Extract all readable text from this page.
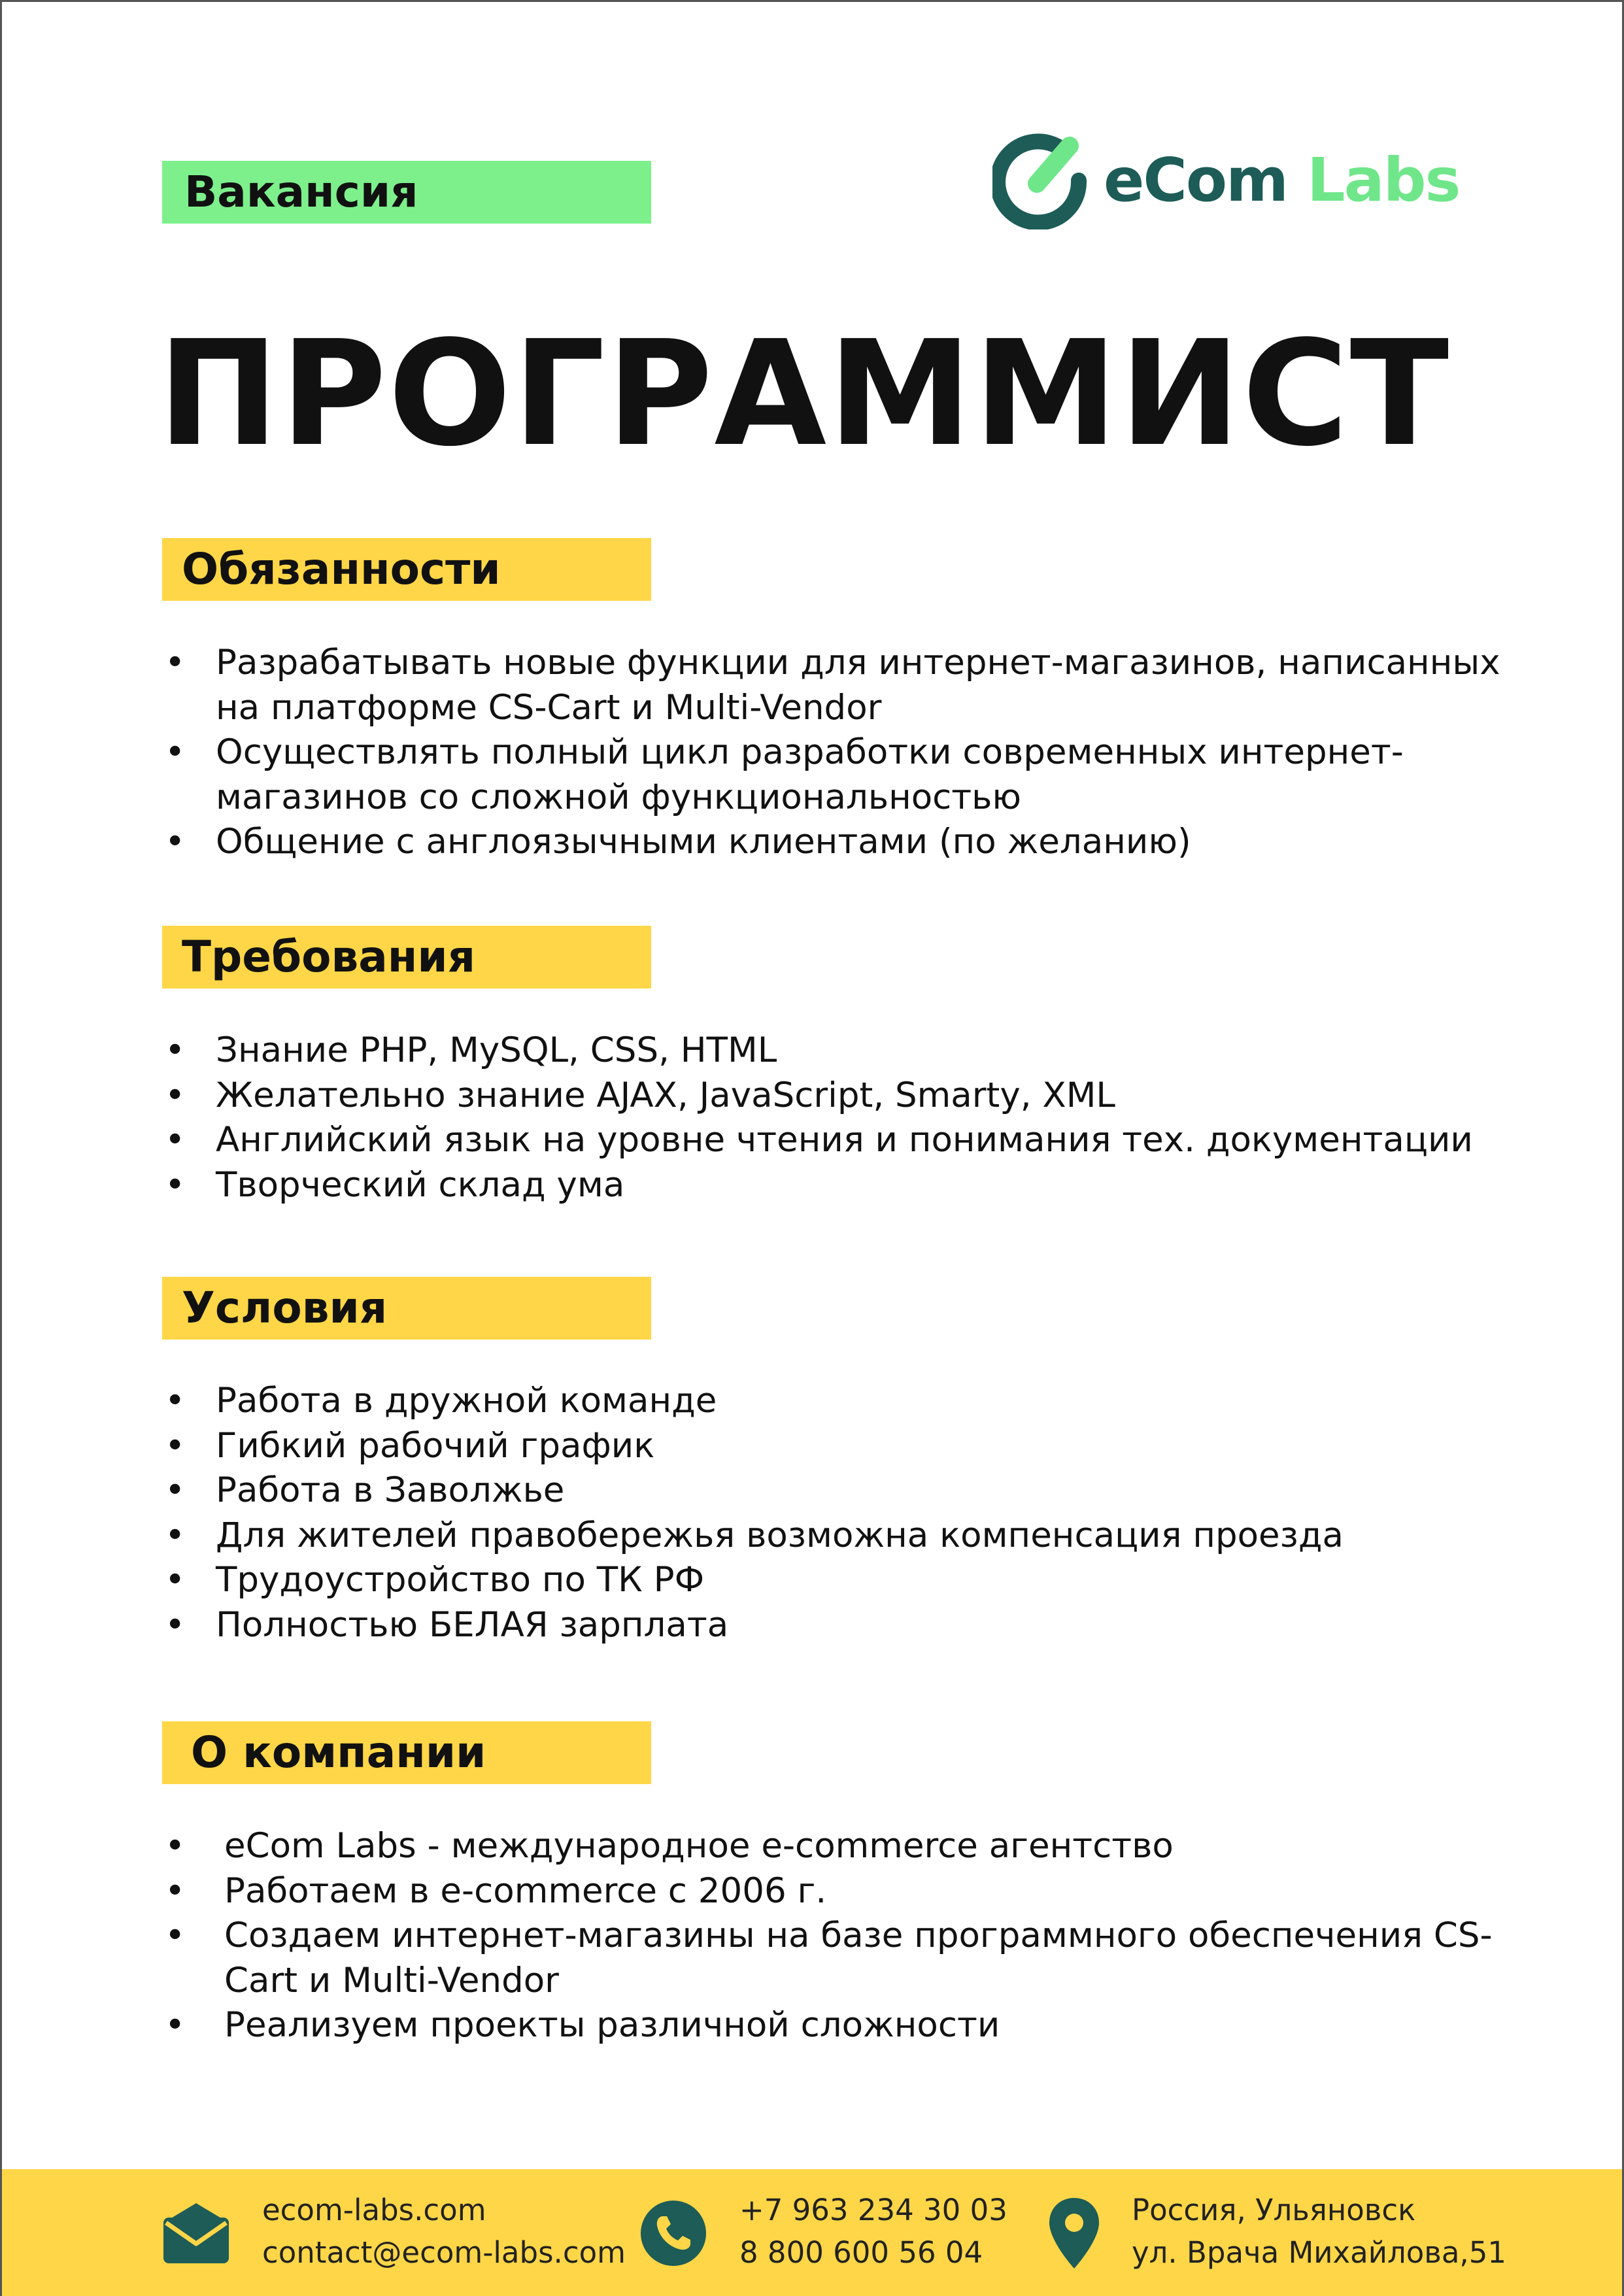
Вакансия	eCom Labs
ПРОГРАММИСТ
Обязанности
• Разрабатывать новые функции для интернет-магазинов, написанных на платформе CS-Cart и Multi-Vendor
• Осуществлять полный цикл разработки современных интернет-магазинов со сложной функциональностью
• Общение с англоязычными клиентами (по желанию)
Требования
• Знание PHP, MySQL, CSS, HTML
• Желательно знание AJAX, JavaScript, Smarty, XML
• Английский язык на уровне чтения и понимания тех. документации
• Творческий склад ума
Условия
• Работа в дружной команде
• Гибкий рабочий график
• Работа в Заволжье
• Для жителей правобережья возможна компенсация проезда
• Трудоустройство по ТК РФ
• Полностью БЕЛАЯ зарплата
О компании
• eCom Labs - международное e-commerce агентство
• Работаем в e-commerce с 2006 г.
• Создаем интернет-магазины на базе программного обеспечения CS-Cart и Multi-Vendor
• Реализуем проекты различной сложности
ecom-labs.com
contact@ecom-labs.com
+7 963 234 30 03
8 800 600 56 04
Россия, Ульяновск
ул. Врача Михайлова,51
